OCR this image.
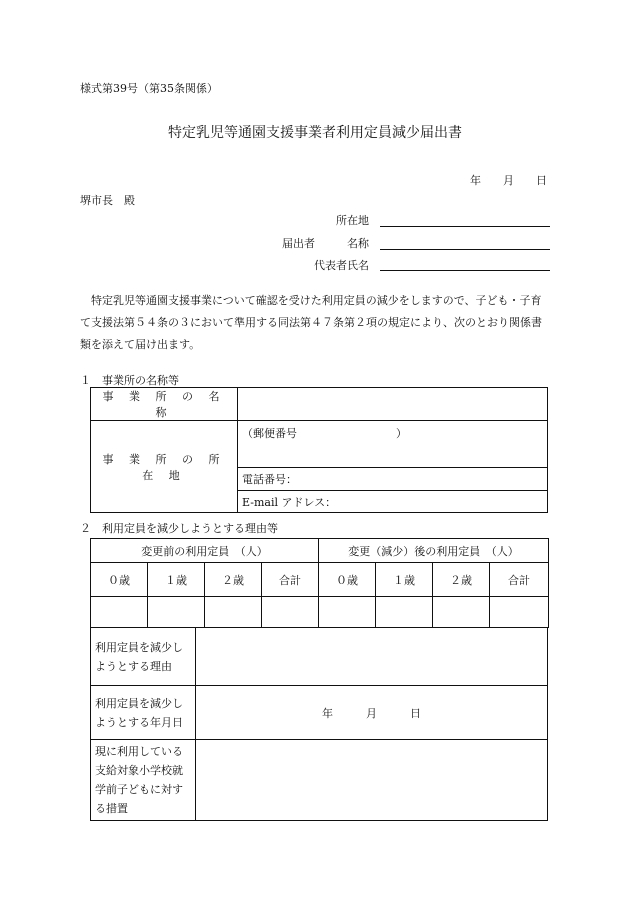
様式第39号（第35条関係）
特定乳児等通園支援事業者利用定員減少届出書
年　　月　　日
堺市長　殿
所在地
届出者	名称
代表者氏名
特定乳児等通園支援事業について確認を受けた利用定員の減少をしますので、子ども・子育て支援法第５４条の３において準用する同法第４７条第２項の規定により、次のとおり関係書類を添えて届け出ます。
１　事業所の名称等
事 業 所 の 名 称	
事 業 所 の 所 在 地	（郵便番号　　　　　　　　　）
	電話番号：
	E-mail アドレス：
２　利用定員を減少しようとする理由等
変更前の利用定員　（人）				変更（減少）後の利用定員　（人）			
０歳	１歳	２歳	合計	０歳	１歳	２歳	合計

利用定員を減少しようとする理由	
利用定員を減少しようとする年月日	年　　　月　　　日
現に利用している支給対象小学校就学前子どもに対する措置	
